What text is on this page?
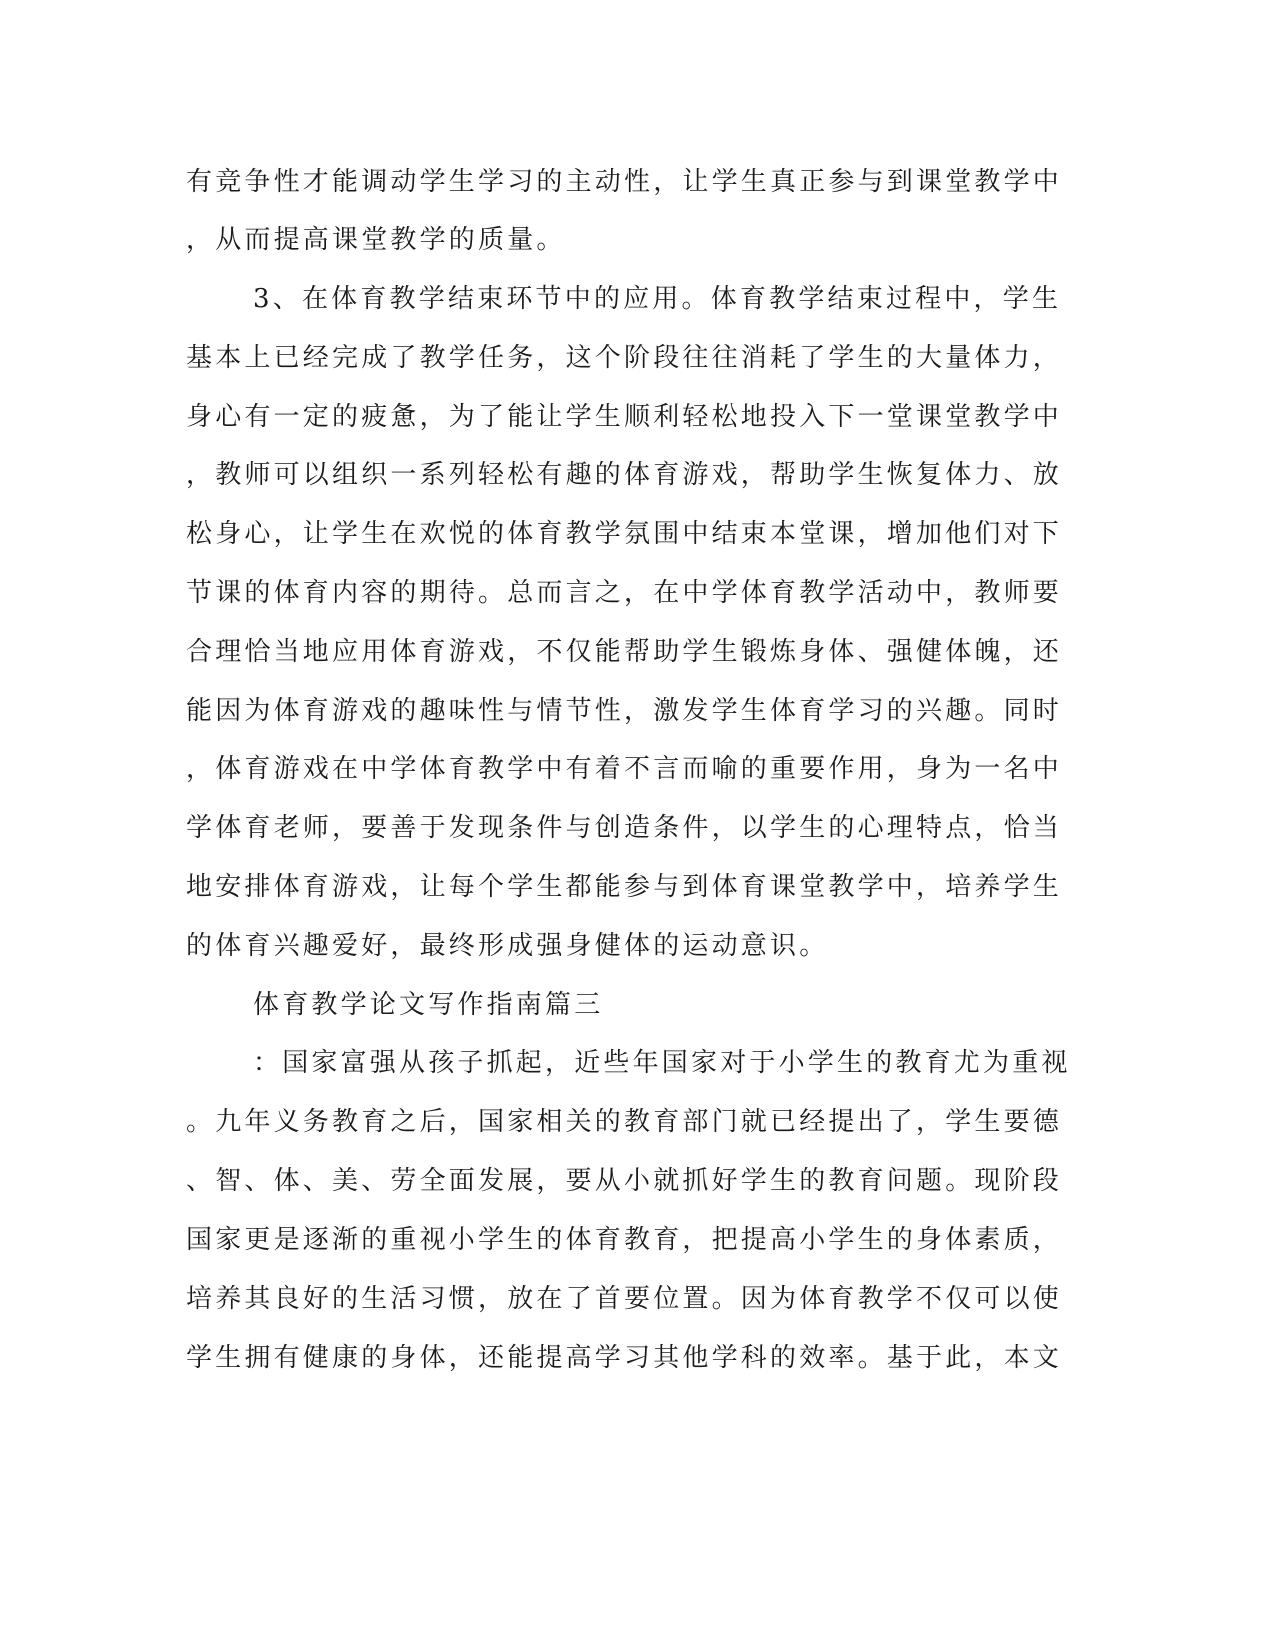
有竞争性才能调动学生学习的主动性，让学生真正参与到课堂教学中
，从而提高课堂教学的质量。
3、在体育教学结束环节中的应用。体育教学结束过程中，学生
基本上已经完成了教学任务，这个阶段往往消耗了学生的大量体力，
身心有一定的疲惫，为了能让学生顺利轻松地投入下一堂课堂教学中
，教师可以组织一系列轻松有趣的体育游戏，帮助学生恢复体力、放
松身心，让学生在欢悦的体育教学氛围中结束本堂课，增加他们对下
节课的体育内容的期待。总而言之，在中学体育教学活动中，教师要
合理恰当地应用体育游戏，不仅能帮助学生锻炼身体、强健体魄，还
能因为体育游戏的趣味性与情节性，激发学生体育学习的兴趣。同时
，体育游戏在中学体育教学中有着不言而喻的重要作用，身为一名中
学体育老师，要善于发现条件与创造条件，以学生的心理特点，恰当
地安排体育游戏，让每个学生都能参与到体育课堂教学中，培养学生
的体育兴趣爱好，最终形成强身健体的运动意识。
体育教学论文写作指南篇三
：国家富强从孩子抓起，近些年国家对于小学生的教育尤为重视
。九年义务教育之后，国家相关的教育部门就已经提出了，学生要德
、智、体、美、劳全面发展，要从小就抓好学生的教育问题。现阶段
国家更是逐渐的重视小学生的体育教育，把提高小学生的身体素质，
培养其良好的生活习惯，放在了首要位置。因为体育教学不仅可以使
学生拥有健康的身体，还能提高学习其他学科的效率。基于此，本文
